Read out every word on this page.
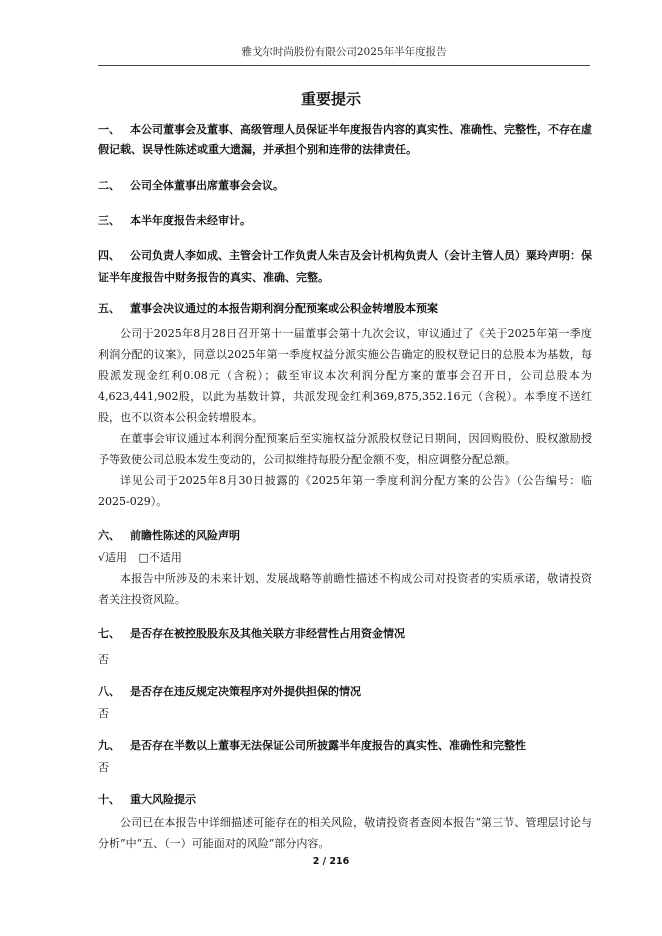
雅戈尔时尚股份有限公司2025年半年度报告
重要提示
一、 本公司董事会及董事、高级管理人员保证半年度报告内容的真实性、准确性、完整性，不存在虚假记载、误导性陈述或重大遗漏，并承担个别和连带的法律责任。
二、 公司全体董事出席董事会会议。
三、 本半年度报告未经审计。
四、 公司负责人李如成、主管会计工作负责人朱吉及会计机构负责人（会计主管人员）粟玲声明：保证半年度报告中财务报告的真实、准确、完整。
五、 董事会决议通过的本报告期利润分配预案或公积金转增股本预案
公司于2025年8月28日召开第十一届董事会第十九次会议，审议通过了《关于2025年第一季度利润分配的议案》，同意以2025年第一季度权益分派实施公告确定的股权登记日的总股本为基数，每股派发现金红利0.08元（含税）；截至审议本次利润分配方案的董事会召开日，公司总股本为4,623,441,902股，以此为基数计算，共派发现金红利369,875,352.16元（含税）。本季度不送红股，也不以资本公积金转增股本。
在董事会审议通过本利润分配预案后至实施权益分派股权登记日期间，因回购股份、股权激励授予等致使公司总股本发生变动的，公司拟维持每股分配金额不变，相应调整分配总额。
详见公司于2025年8月30日披露的《2025年第一季度利润分配方案的公告》（公告编号：临2025-029）。
六、 前瞻性陈述的风险声明
√适用 □不适用
本报告中所涉及的未来计划、发展战略等前瞻性描述不构成公司对投资者的实质承诺，敬请投资者关注投资风险。
七、 是否存在被控股股东及其他关联方非经营性占用资金情况
否
八、 是否存在违反规定决策程序对外提供担保的情况
否
九、 是否存在半数以上董事无法保证公司所披露半年度报告的真实性、准确性和完整性
否
十、 重大风险提示
公司已在本报告中详细描述可能存在的相关风险，敬请投资者查阅本报告“第三节、管理层讨论与分析”中“五、（一）可能面对的风险”部分内容。
2 / 216
